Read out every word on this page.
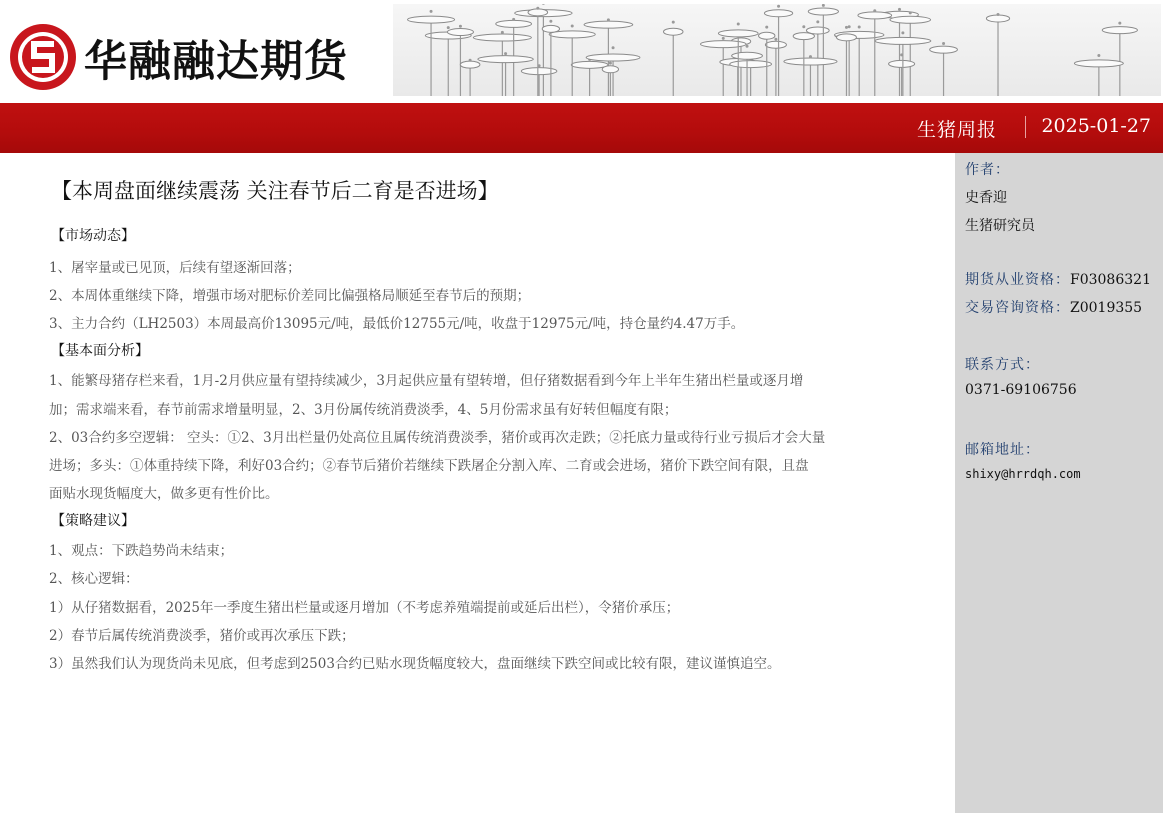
华融融达期货
生猪周报 2025-01-27
【本周盘面继续震荡 关注春节后二育是否进场】
【市场动态】
1、屠宰量或已见顶，后续有望逐渐回落；
2、本周体重继续下降，增强市场对肥标价差同比偏强格局顺延至春节后的预期；
3、主力合约（LH2503）本周最高价13095元/吨，最低价12755元/吨，收盘于12975元/吨，持仓量约4.47万手。
【基本面分析】
1、能繁母猪存栏来看，1月-2月供应量有望持续减少，3月起供应量有望转增，但仔猪数据看到今年上半年生猪出栏量或逐月增
加；需求端来看，春节前需求增量明显，2、3月份属传统消费淡季，4、5月份需求虽有好转但幅度有限；
2、03合约多空逻辑： 空头：①2、3月出栏量仍处高位且属传统消费淡季，猪价或再次走跌；②托底力量或待行业亏损后才会大量
进场；多头：①体重持续下降，利好03合约；②春节后猪价若继续下跌屠企分割入库、二育或会进场，猪价下跌空间有限，且盘
面贴水现货幅度大，做多更有性价比。
【策略建议】
1、观点：下跌趋势尚未结束；
2、核心逻辑：
1）从仔猪数据看，2025年一季度生猪出栏量或逐月增加（不考虑养殖端提前或延后出栏），令猪价承压；
2）春节后属传统消费淡季，猪价或再次承压下跌；
3）虽然我们认为现货尚未见底，但考虑到2503合约已贴水现货幅度较大，盘面继续下跌空间或比较有限，建议谨慎追空。
作者：
史香迎
生猪研究员
期货从业资格：F03086321
交易咨询资格：Z0019355
联系方式：
0371-69106756
邮箱地址：
shixy@hrrdqh.com
